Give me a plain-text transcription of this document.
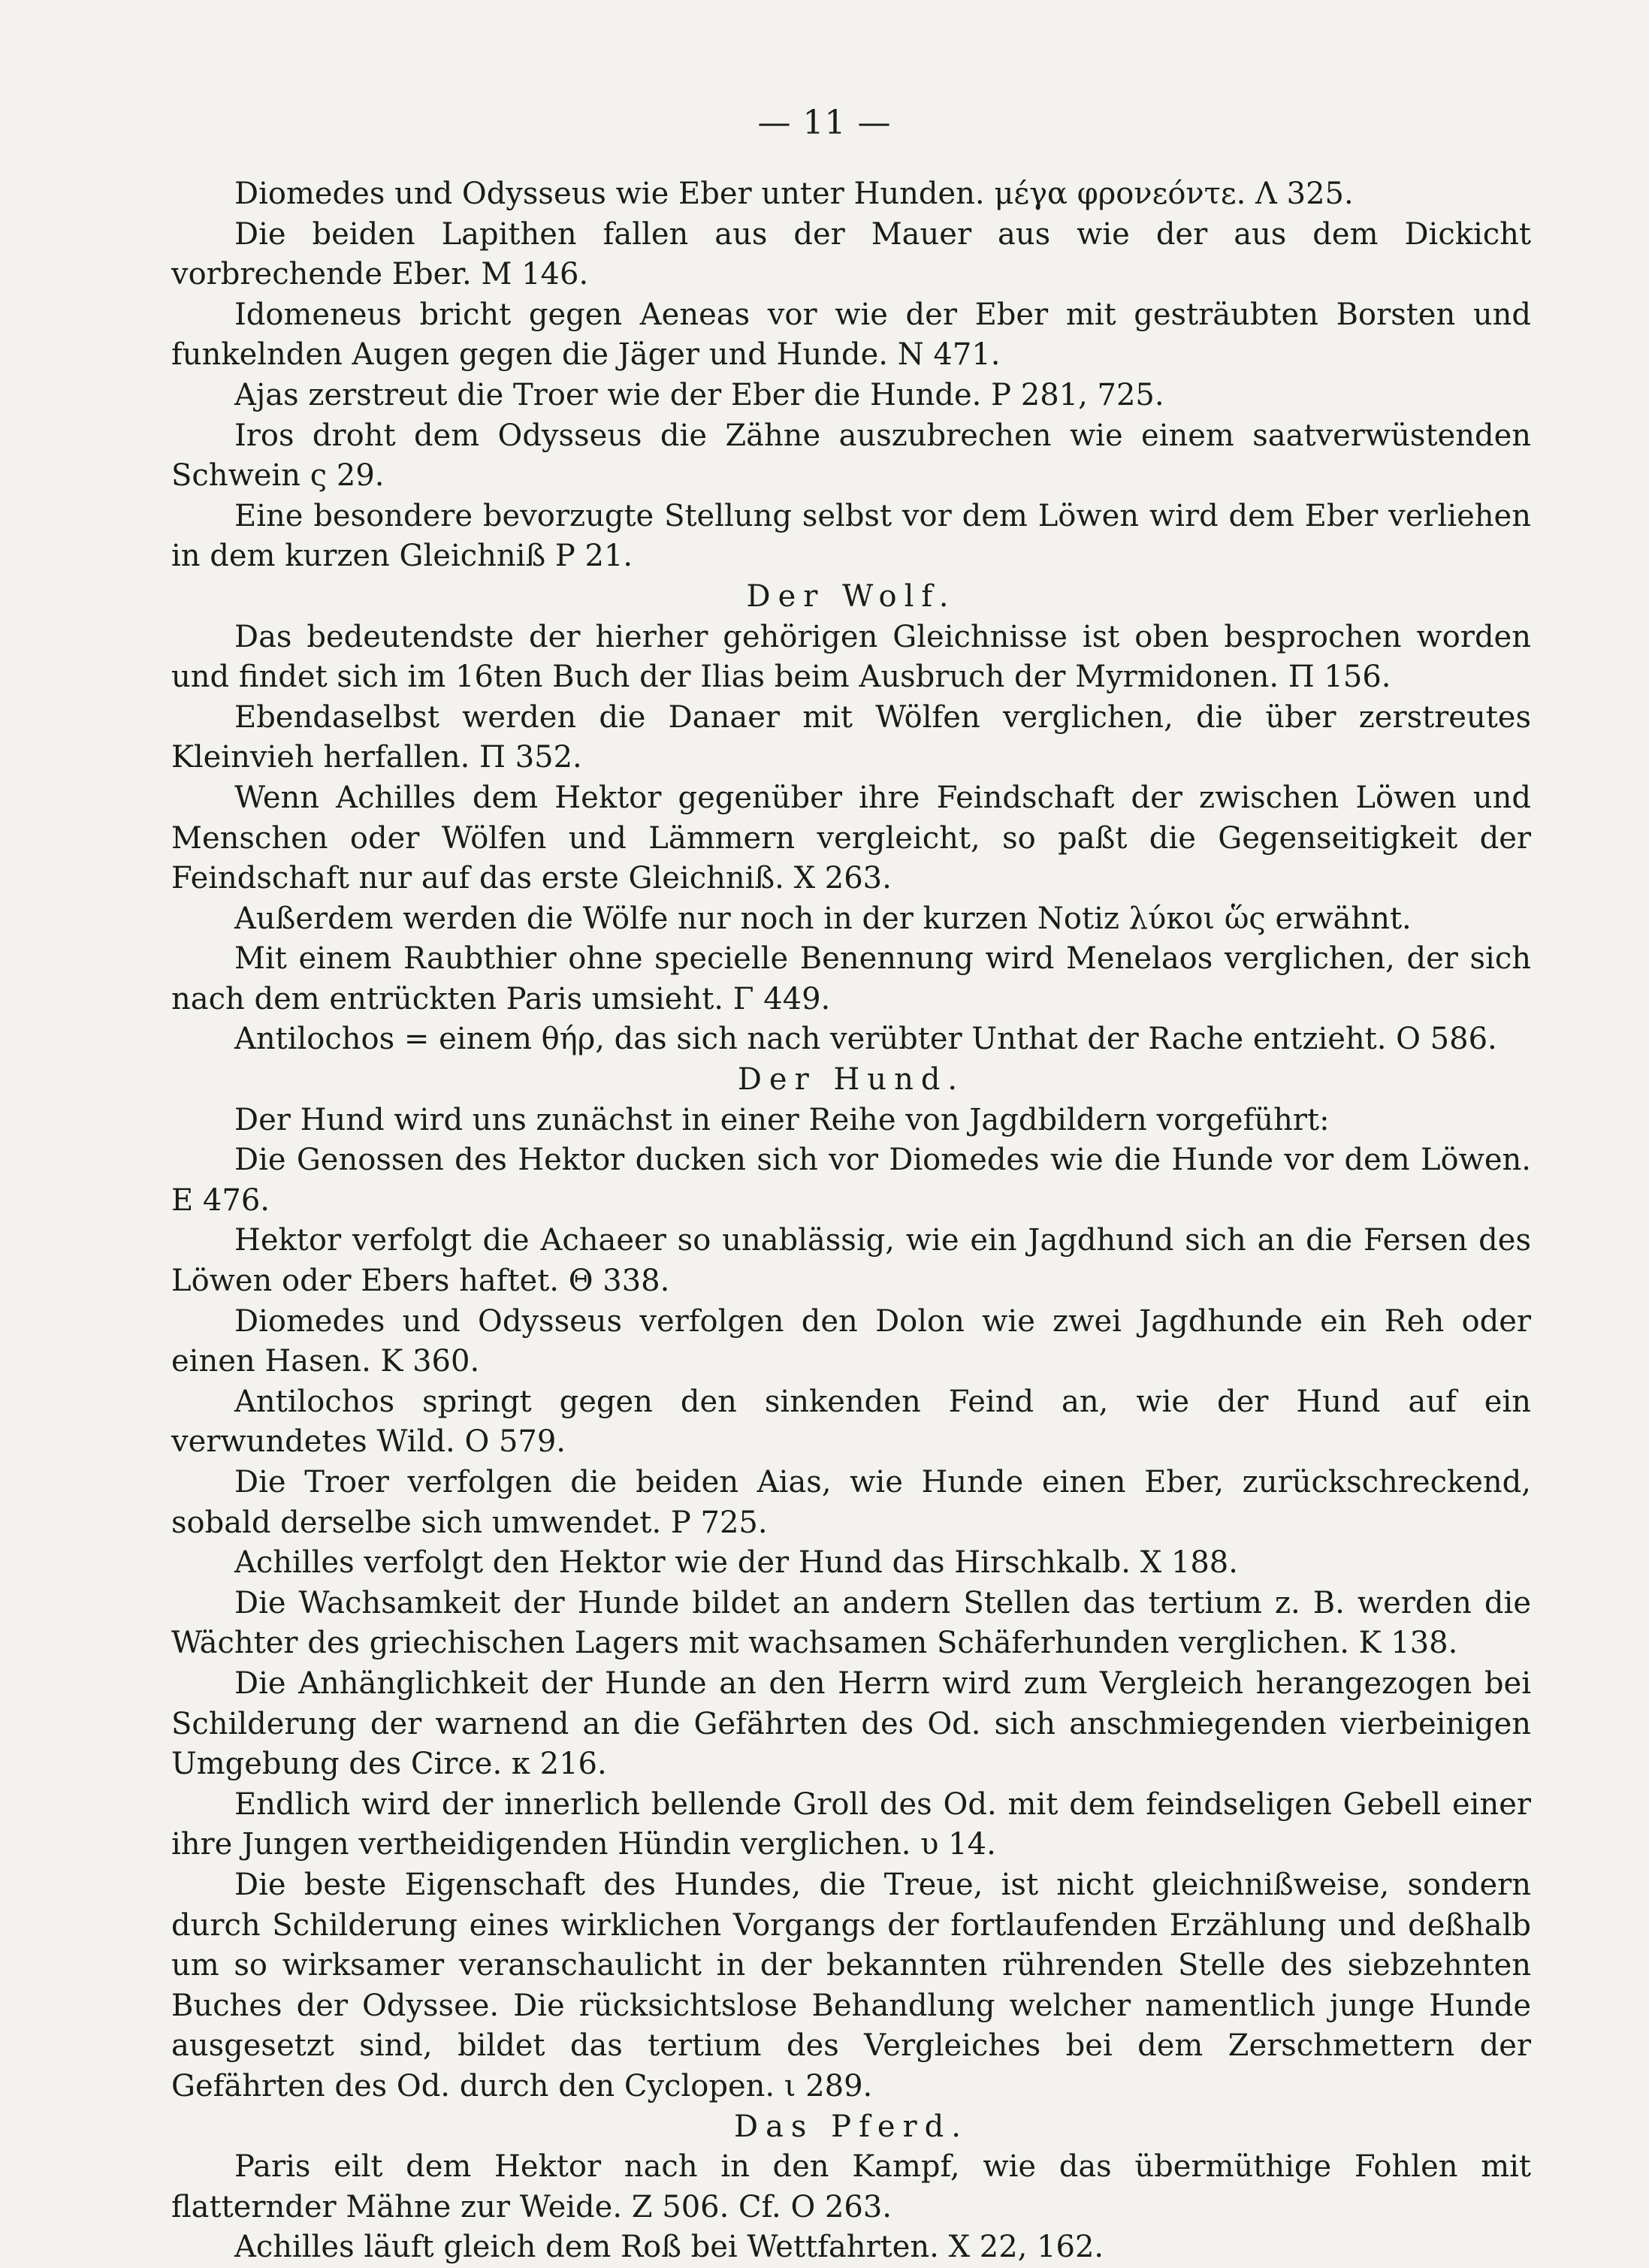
— 11 —

Diomedes und Odysseus wie Eber unter Hunden. μέγα φρονεόντε. Λ 325.

Die beiden Lapithen fallen aus der Mauer aus wie der aus dem Dickicht vorbrechende Eber. M 146.

Idomeneus bricht gegen Aeneas vor wie der Eber mit gesträubten Borsten und funkelnden Augen gegen die Jäger und Hunde. N 471.

Ajas zerstreut die Troer wie der Eber die Hunde. P 281, 725.

Iros droht dem Odysseus die Zähne auszubrechen wie einem saatverwüstenden Schwein ς 29.

Eine besondere bevorzugte Stellung selbst vor dem Löwen wird dem Eber verliehen in dem kurzen Gleichniß P 21.

Der Wolf.

Das bedeutendste der hierher gehörigen Gleichnisse ist oben besprochen worden und findet sich im 16ten Buch der Ilias beim Ausbruch der Myrmidonen. Π 156.

Ebendaselbst werden die Danaer mit Wölfen verglichen, die über zerstreutes Kleinvieh herfallen. Π 352.

Wenn Achilles dem Hektor gegenüber ihre Feindschaft der zwischen Löwen und Menschen oder Wölfen und Lämmern vergleicht, so paßt die Gegenseitigkeit der Feindschaft nur auf das erste Gleichniß. X 263.

Außerdem werden die Wölfe nur noch in der kurzen Notiz λύκοι ὥς erwähnt.

Mit einem Raubthier ohne specielle Benennung wird Menelaos verglichen, der sich nach dem entrückten Paris umsieht. Γ 449.

Antilochos = einem θήρ, das sich nach verübter Unthat der Rache entzieht. O 586.

Der Hund.

Der Hund wird uns zunächst in einer Reihe von Jagdbildern vorgeführt:

Die Genossen des Hektor ducken sich vor Diomedes wie die Hunde vor dem Löwen. E 476.

Hektor verfolgt die Achaeer so unablässig, wie ein Jagdhund sich an die Fersen des Löwen oder Ebers haftet. Θ 338.

Diomedes und Odysseus verfolgen den Dolon wie zwei Jagdhunde ein Reh oder einen Hasen. K 360.

Antilochos springt gegen den sinkenden Feind an, wie der Hund auf ein verwundetes Wild. O 579.

Die Troer verfolgen die beiden Aias, wie Hunde einen Eber, zurückschreckend, sobald derselbe sich umwendet. P 725.

Achilles verfolgt den Hektor wie der Hund das Hirschkalb. X 188.

Die Wachsamkeit der Hunde bildet an andern Stellen das tertium z. B. werden die Wächter des griechischen Lagers mit wachsamen Schäferhunden verglichen. K 138.

Die Anhänglichkeit der Hunde an den Herrn wird zum Vergleich herangezogen bei Schilderung der warnend an die Gefährten des Od. sich anschmiegenden vierbeinigen Umgebung des Circe. κ 216.

Endlich wird der innerlich bellende Groll des Od. mit dem feindseligen Gebell einer ihre Jungen vertheidigenden Hündin verglichen. υ 14.

Die beste Eigenschaft des Hundes, die Treue, ist nicht gleichnißweise, sondern durch Schilderung eines wirklichen Vorgangs der fortlaufenden Erzählung und deßhalb um so wirksamer veranschaulicht in der bekannten rührenden Stelle des siebzehnten Buches der Odyssee. Die rücksichtslose Behandlung welcher namentlich junge Hunde ausgesetzt sind, bildet das tertium des Vergleiches bei dem Zerschmettern der Gefährten des Od. durch den Cyclopen. ι 289.

Das Pferd.

Paris eilt dem Hektor nach in den Kampf, wie das übermüthige Fohlen mit flatternder Mähne zur Weide. Z 506. Cf. O 263.

Achilles läuft gleich dem Roß bei Wettfahrten. X 22, 162.
